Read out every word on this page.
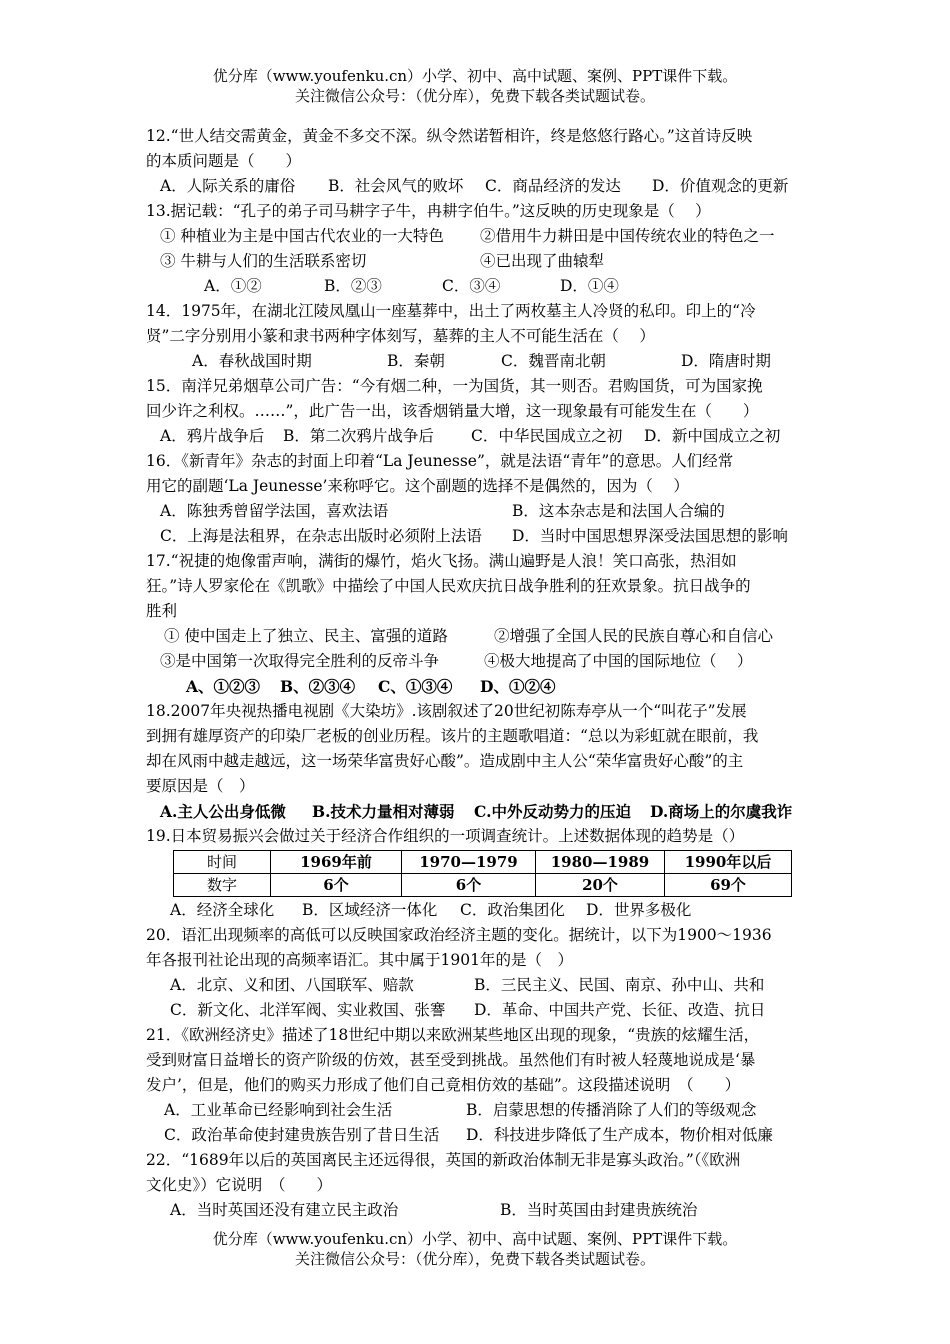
优分库（www.youfenku.cn）小学、初中、高中试题、案例、PPT课件下载。
关注微信公众号：（优分库），免费下载各类试题试卷。
12.“世人结交需黄金，黄金不多交不深。纵令然诺暂相许，终是悠悠行路心。”这首诗反映
的本质问题是（　　）
A．人际关系的庸俗 B．社会风气的败坏 C．商品经济的发达 D．价值观念的更新
13.据记载：“孔子的弟子司马耕字子牛，冉耕字伯牛。”这反映的历史现象是（　 ）
① 种植业为主是中国古代农业的一大特色 ②借用牛力耕田是中国传统农业的特色之一
③ 牛耕与人们的生活联系密切	④已出现了曲辕犁
A．①②	B．②③	C．③④	D．①④
14．1975年，在湖北江陵凤凰山一座墓葬中，出土了两枚墓主人冷贤的私印。印上的“冷
贤”二字分别用小篆和隶书两种字体刻写，墓葬的主人不可能生活在（　 ）
A．春秋战国时期	B．秦朝	C．魏晋南北朝	D．隋唐时期
15．南洋兄弟烟草公司广告：“今有烟二种，一为国货，其一则否。君购国货，可为国家挽
回少许之利权。……”，此广告一出，该香烟销量大增，这一现象最有可能发生在（　　）
A．鸦片战争后 B．第二次鸦片战争后 C．中华民国成立之初 D．新中国成立之初
16．《新青年》杂志的封面上印着“La Jeunesse”，就是法语“青年”的意思。人们经常
用它的副题‘La Jeunesse’来称呼它。这个副题的选择不是偶然的，因为（　 ）
A．陈独秀曾留学法国，喜欢法语	B．这本杂志是和法国人合编的
C．上海是法租界，在杂志出版时必须附上法语 D．当时中国思想界深受法国思想的影响
17.“祝捷的炮像雷声响，满街的爆竹，焰火飞扬。满山遍野是人浪！笑口高张，热泪如
狂。”诗人罗家伦在《凯歌》中描绘了中国人民欢庆抗日战争胜利的狂欢景象。抗日战争的
胜利
① 使中国走上了独立、民主、富强的道路	②增强了全国人民的民族自尊心和自信心
③是中国第一次取得完全胜利的反帝斗争	④极大地提高了中国的国际地位（　 ）
A、①②③ B、②③④ C、①③④ D、①②④
18.2007年央视热播电视剧《大染坊》.该剧叙述了20世纪初陈寿亭从一个“叫花子”发展
到拥有雄厚资产的印染厂老板的创业历程。该片的主题歌唱道：“总以为彩虹就在眼前，我
却在风雨中越走越远，这一场荣华富贵好心酸”。造成剧中主人公“荣华富贵好心酸”的主
要原因是（　）
A.主人公出身低微 B.技术力量相对薄弱 C.中外反动势力的压迫 D.商场上的尔虞我诈
19.日本贸易振兴会做过关于经济合作组织的一项调查统计。上述数据体现的趋势是（）
时间	1969年前	1970—1979	1980—1989	1990年以后
数字	6个	6个	20个	69个
A．经济全球化 B．区域经济一体化 C．政治集团化 D．世界多极化
20．语汇出现频率的高低可以反映国家政治经济主题的变化。据统计，以下为1900～1936
年各报刊社论出现的高频率语汇。其中属于1901年的是（　）
A．北京、义和团、八国联军、赔款	B．三民主义、民国、南京、孙中山、共和
C．新文化、北洋军阀、实业救国、张謇 D．革命、中国共产党、长征、改造、抗日
21．《欧洲经济史》描述了18世纪中期以来欧洲某些地区出现的现象，“贵族的炫耀生活，
受到财富日益增长的资产阶级的仿效，甚至受到挑战。虽然他们有时被人轻蔑地说成是‘暴
发户’，但是，他们的购买力形成了他们自己竟相仿效的基础”。这段描述说明　（　　）
A．工业革命已经影响到社会生活	B．启蒙思想的传播消除了人们的等级观念
C．政治革命使封建贵族告别了昔日生活 D．科技进步降低了生产成本，物价相对低廉
22．“1689年以后的英国离民主还远得很，英国的新政治体制无非是寡头政治。”（《欧洲
文化史》）它说明　（　　）
A．当时英国还没有建立民主政治	B．当时英国由封建贵族统治
优分库（www.youfenku.cn）小学、初中、高中试题、案例、PPT课件下载。
关注微信公众号：（优分库），免费下载各类试题试卷。
